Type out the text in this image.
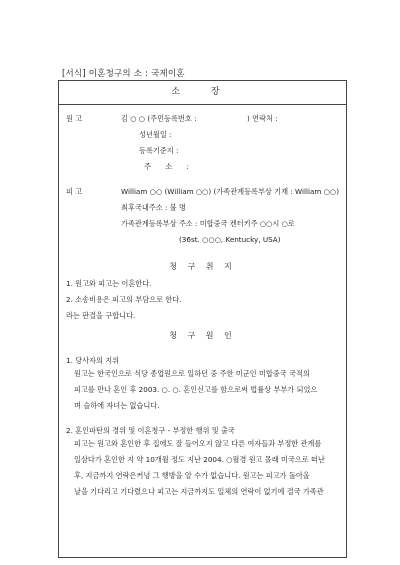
[서식] 이혼청구의 소 : 국제이혼
소 장
원 고	김 ○ ○ (주민등록번호 :	) 연락처 :
성년월일 :
등록기준지 :
주 소 :
피 고	William ○○ (William ○○) (가족관계등록부상 기재 : William ○○)
최후국내주소 : 불 명
가족관계등록부상 주소 : 미합중국 켄터키주 ○○시 ○로
(36st. ○○○, Kentucky, USA)
청 구 취 지
1. 원고와 피고는 이혼한다.
2. 소송비용은 피고의 부담으로 한다.
라는 판결을 구합니다.
청 구 원 인
1. 당사자의 지위
원고는 한국인으로 식당 종업원으로 일하던 중 주한 미군인 미합중국 국적의
피고를 만나 혼인 후 2003. ○. ○. 혼인신고를 함으로써 법률상 부부가 되었으
며 슬하에 자녀는 없습니다.
2. 혼인파탄의 경위 및 이혼청구 - 부정한 행위 및 출국
피고는 원고와 혼인한 후 집에도 잘 들어오지 않고 다른 여자들과 부정한 관계를
일삼다가 혼인한 지 약 10개월 정도 지난 2004. ○월경 원고 몰래 미국으로 떠난
후, 지금까지 연락은커녕 그 행방을 알 수가 없습니다. 원고는 피고가 돌아올
날을 기다리고 기다렸으나 피고는 지금까지도 일체의 연락이 없기에 결국 가족관
